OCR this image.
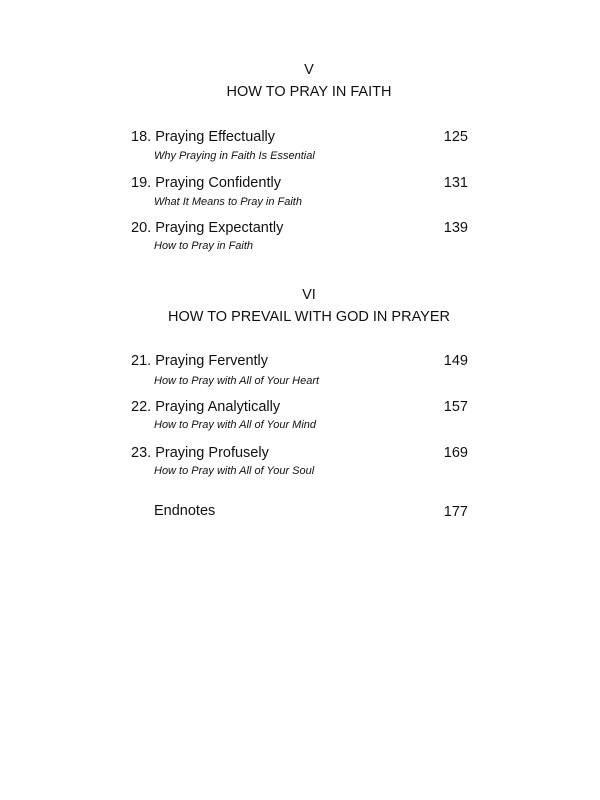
V
HOW TO PRAY IN FAITH
18. Praying Effectually	125
Why Praying in Faith Is Essential
19. Praying Confidently	131
What It Means to Pray in Faith
20. Praying Expectantly	139
How to Pray in Faith
VI
HOW TO PREVAIL WITH GOD IN PRAYER
21. Praying Fervently	149
How to Pray with All of Your Heart
22. Praying Analytically	157
How to Pray with All of Your Mind
23. Praying Profusely	169
How to Pray with All of Your Soul
Endnotes	177
